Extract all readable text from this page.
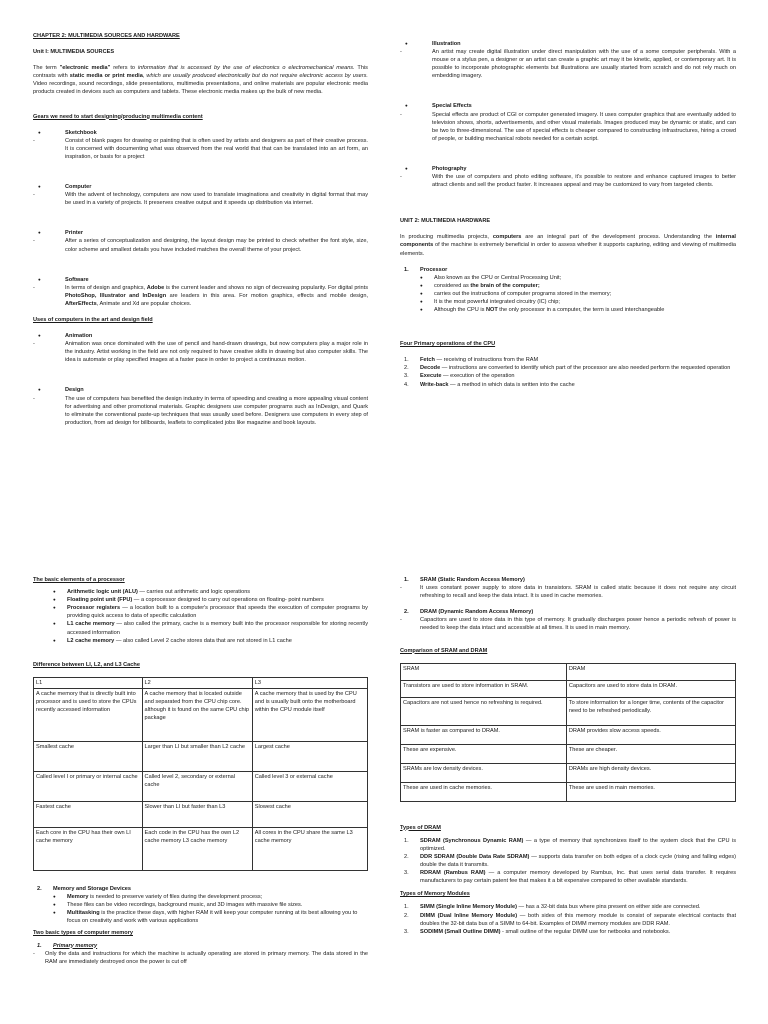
CHAPTER 2: MULTIMEDIA SOURCES AND HARDWARE

Unit I: MULTIMEDIA SOURCES

The term "electronic media" refers to information that is accessed by the use of electronics o electromechanical means. This contrasts with static media or print media, which are usually produced electronically but do not require electronic access by users. Video recordings, sound recordings, slide presentations, multimedia presentations, and online materials are popular electronic media products created in devices such as computers and tablets. These electronic media makes up the bulk of new media.

Gears we need to start designing/producing multimedia content

● Sketchbook
- Consist of blank pages for drawing or painting that is often used by artists and designers as part of their creative process. It is concerned with documenting what was observed from the real world that that can be translated into an art form, an inspiration, or basis for a project
● Computer
- With the advent of technology, computers are now used to translate imaginations and creativity in digital format that may be used in a variety of projects. It preserves creative output and it speeds up distribution via internet.
● Printer
- After a series of conceptualization and designing, the layout design may be printed to check whether the font style, size, color scheme and smallest details you have included matches the overall theme of your project.
● Software
- In terms of design and graphics, Adobe is the current leader and shows no sign of decreasing popularity. For digital prints PhotoShop, Illustrator and InDesign are leaders in this area. For motion graphics, effects and mobile design, AfterEffects, Animate and Xd are popular choices.

Uses of computers in the art and design field

● Animation
- Animation was once dominated with the use of pencil and hand-drawn drawings, but now computers play a major role in the industry. Artist working in the field are not only required to have creative skills in drawing but also computer skills. The idea is automate or play specified images at a faster pace in order to project a continuous motion.
● Design
- The use of computers has benefited the design industry in terms of speeding and creating a more appealing visual content for advertising and other promotional materials. Graphic designers use computer programs such as InDesign, and Quark to eliminate the conventional paste-up techniques that was usually used before. Designers use computers in every step of production, from ad design for billboards, leaflets to complicated jobs like magazine and book layouts.
● Illustration
- An artist may create digital illustration under direct manipulation with the use of a some computer peripherals. With a mouse or a stylus pen, a designer or an artist can create a graphic art may it be kinetic, applied, or contemporary art. It is possible to incorporate photographic elements but illustrations are usually started from scratch and do not rely much on embedding imagery.
● Special Effects
- Special effects are product of CGI or computer generated imagery. It uses computer graphics that are eventually added to television shows, shorts, advertisements, and other visual materials. Images produced may be dynamic or static, and can be two to three-dimensional. The use of special effects is cheaper compared to constructing infrastructures, hiring a crowd of people, or building mechanical robots needed for a certain script.
● Photography
- With the use of computers and photo editing software, it's possible to restore and enhance captured images to better attract clients and sell the product faster. It increases appeal and may be customized to vary from targeted clients.

UNIT 2: MULTIMEDIA HARDWARE

In producing multimedia projects, computers are an integral part of the development process. Understanding the internal components of the machine is extremely beneficial in order to assess whether it supports capturing, editing and viewing of multimedia elements.

1. Processor
● Also known as the CPU or Central Processing Unit;
● considered as the brain of the computer;
● carries out the instructions of computer programs stored in the memory;
● It is the most powerful integrated circuitry (IC) chip;
● Although the CPU is NOT the only processor in a computer, the term is used interchangeable

Four Primary operations of the CPU

1. Fetch — receiving of instructions from the RAM
2. Decode — instructions are converted to identify which part of the processor are also needed perform the requested operation
3. Execute — execution of the operation
4. Write-back — a method in which data is written into the cache

The basic elements of a processor

● Arithmetic logic unit (ALU) — carries out arithmetic and logic operations
● Floating point unit (FPU) — a coprocessor designed to carry out operations on floating- point numbers
● Processor registers — a location built to a computer's processor that speeds the execution of computer programs by providing quick access to data of specific calculation
● L1 cache memory — also called the primary, cache is a memory built into the processor responsible for storing recently accessed information
● L2 cache memory — also called Level 2 cache stores data that are not stored in L1 cache

Difference between LI, L2, and L3 Cache

L1	L2	L3
A cache memory that is directly built into processor and is used to store the CPUs recently accessed information	A cache memory that is located outside and separated from the CPU chip core. although it is found on the same CPU chip package	A cache memory that is used by the CPU and is usually built onto the motherboard within the CPU module itself
Smallest cache	Larger than LI but smaller than L2 cache	Largest cache
Called level I or primary or internal cache	Called level 2, secondary or external cache	Called level 3 or external cache
Fastest cache	Slower than LI but faster than L3	Slowest cache
Each core in the CPU has their own LI cache memory	Each code in the CPU has the own L2 cache memory L3 cache memory	All cores in the CPU share the same L3 cache memory
2. Memory and Storage Devices
● Memory is needed to preserve variety of files during the development process;
● These files can be video recordings, background music, and 3D images with massive file sizes.
● Multitasking is the practice these days, with higher RAM it will keep your computer running at its best allowing you to focus on creativity and work with various applications

Two basic types of computer memory

1. Primary memory
- Only the data and instructions for which the machine is actually operating are stored in primary memory. The data stored in the RAM are immediately destroyed once the power is cut off
1. SRAM (Static Random Access Memory)
- It uses constant power supply to store data in transistors. SRAM is called static because it does not require any circuit refreshing to recall and keep the data intact. It is used in cache memories.
2. DRAM (Dynamic Random Access Memory)
- Capacitors are used to store data in this type of memory. It gradually discharges power hence a periodic refresh of power is needed to keep the data intact and accessible at all times. It is used in main memory.

Comparison of SRAM and DRAM

SRAM	DRAM
Transistors are used to store information in SRAM.	Capacitors are used to store data in DRAM.
Capacitors are not used hence no refreshing is required.	To store information for a longer time, contents of the capacitor need to be refreshed periodically.
SRAM is faster as compared to DRAM.	DRAM provides slow access speeds.
These are expensive.	These are cheaper.
SRAMs are low density devices.	DRAMs are high density devices.
These are used in cache memories.	These are used in main memories.

Types of DRAM

1. SDRAM (Synchronous Dynamic RAM) — a type of memory that synchronizes itself to the system clock that the CPU is optimized.
2. DDR SDRAM (Double Data Rate SDRAM) — supports data transfer on both edges of a clock cycle (rising and falling edges) double the data it transmits.
3. RDRAM (Rambus RAM) — a computer memory developed by Rambus, Inc. that uses serial data transfer. It requires manufacturers to pay certain patent fee that makes it a bit expensive compared to other available standards.

Types of Memory Modules

1. SIMM (Single Inline Memory Module) — has a 32-bit data bus where pins present on either side are connected.
2. DIMM (Dual Inline Memory Module) — both sides of this memory module is consist of separate electrical contacts that doubles the 32-bit data bus of a SIMM to 64-bit. Examples of DIMM memory modules are DDR RAM.
3. SODIMM (Small Outline DIMM) - small outline of the regular DIMM use for netbooks and notebooks.
